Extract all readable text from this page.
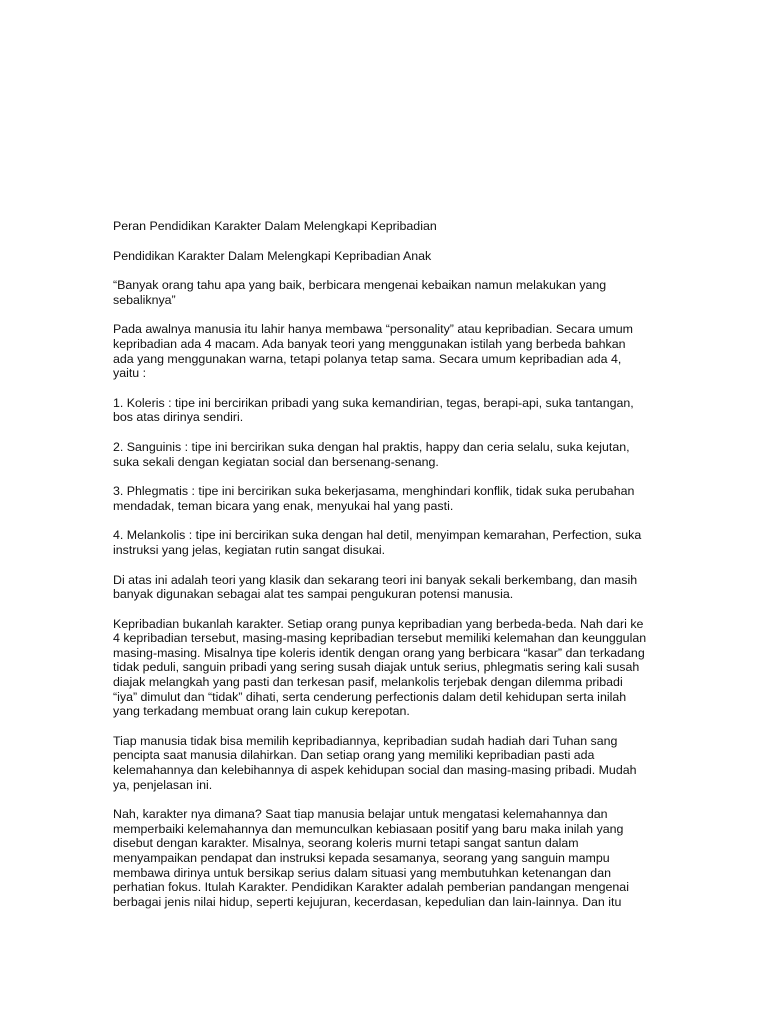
Peran Pendidikan Karakter Dalam Melengkapi Kepribadian

Pendidikan Karakter Dalam Melengkapi Kepribadian Anak

“Banyak orang tahu apa yang baik, berbicara mengenai kebaikan namun melakukan yang
sebaliknya”

Pada awalnya manusia itu lahir hanya membawa “personality” atau kepribadian. Secara umum
kepribadian ada 4 macam. Ada banyak teori yang menggunakan istilah yang berbeda bahkan
ada yang menggunakan warna, tetapi polanya tetap sama. Secara umum kepribadian ada 4,
yaitu :

1. Koleris : tipe ini bercirikan pribadi yang suka kemandirian, tegas, berapi-api, suka tantangan,
bos atas dirinya sendiri.

2. Sanguinis : tipe ini bercirikan suka dengan hal praktis, happy dan ceria selalu, suka kejutan,
suka sekali dengan kegiatan social dan bersenang-senang.

3. Phlegmatis : tipe ini bercirikan suka bekerjasama, menghindari konflik, tidak suka perubahan
mendadak, teman bicara yang enak, menyukai hal yang pasti.

4. Melankolis : tipe ini bercirikan suka dengan hal detil, menyimpan kemarahan, Perfection, suka
instruksi yang jelas, kegiatan rutin sangat disukai.

Di atas ini adalah teori yang klasik dan sekarang teori ini banyak sekali berkembang, dan masih
banyak digunakan sebagai alat tes sampai pengukuran potensi manusia.

Kepribadian bukanlah karakter. Setiap orang punya kepribadian yang berbeda-beda. Nah dari ke
4 kepribadian tersebut, masing-masing kepribadian tersebut memiliki kelemahan dan keunggulan
masing-masing. Misalnya tipe koleris identik dengan orang yang berbicara “kasar” dan terkadang
tidak peduli, sanguin pribadi yang sering susah diajak untuk serius, phlegmatis sering kali susah
diajak melangkah yang pasti dan terkesan pasif, melankolis terjebak dengan dilemma pribadi
“iya” dimulut dan “tidak” dihati, serta cenderung perfectionis dalam detil kehidupan serta inilah
yang terkadang membuat orang lain cukup kerepotan.

Tiap manusia tidak bisa memilih kepribadiannya, kepribadian sudah hadiah dari Tuhan sang
pencipta saat manusia dilahirkan. Dan setiap orang yang memiliki kepribadian pasti ada
kelemahannya dan kelebihannya di aspek kehidupan social dan masing-masing pribadi. Mudah
ya, penjelasan ini.

Nah, karakter nya dimana? Saat tiap manusia belajar untuk mengatasi kelemahannya dan
memperbaiki kelemahannya dan memunculkan kebiasaan positif yang baru maka inilah yang
disebut dengan karakter. Misalnya, seorang koleris murni tetapi sangat santun dalam
menyampaikan pendapat dan instruksi kepada sesamanya, seorang yang sanguin mampu
membawa dirinya untuk bersikap serius dalam situasi yang membutuhkan ketenangan dan
perhatian fokus. Itulah Karakter. Pendidikan Karakter adalah pemberian pandangan mengenai
berbagai jenis nilai hidup, seperti kejujuran, kecerdasan, kepedulian dan lain-lainnya. Dan itu
